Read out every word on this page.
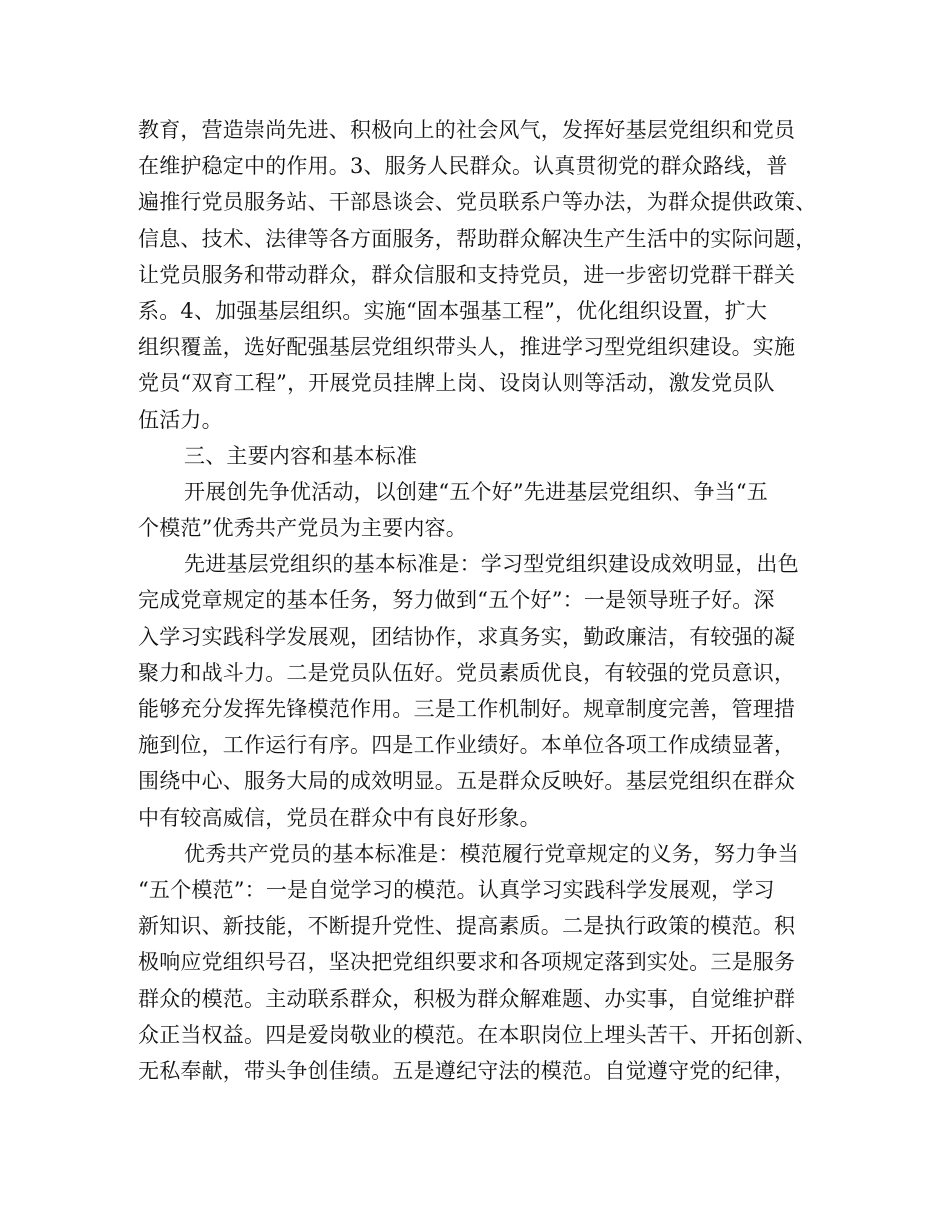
教育，营造崇尚先进、积极向上的社会风气，发挥好基层党组织和党员
在维护稳定中的作用。3、服务人民群众。认真贯彻党的群众路线，普
遍推行党员服务站、干部恳谈会、党员联系户等办法，为群众提供政策、
信息、技术、法律等各方面服务，帮助群众解决生产生活中的实际问题，
让党员服务和带动群众，群众信服和支持党员，进一步密切党群干群关
系。4、加强基层组织。实施“固本强基工程”，优化组织设置，扩大
组织覆盖，选好配强基层党组织带头人，推进学习型党组织建设。实施
党员“双育工程”，开展党员挂牌上岗、设岗认则等活动，激发党员队
伍活力。
三、主要内容和基本标准
开展创先争优活动，以创建“五个好”先进基层党组织、争当“五
个模范”优秀共产党员为主要内容。
先进基层党组织的基本标准是：学习型党组织建设成效明显，出色
完成党章规定的基本任务，努力做到“五个好”：一是领导班子好。深
入学习实践科学发展观，团结协作，求真务实，勤政廉洁，有较强的凝
聚力和战斗力。二是党员队伍好。党员素质优良，有较强的党员意识，
能够充分发挥先锋模范作用。三是工作机制好。规章制度完善，管理措
施到位，工作运行有序。四是工作业绩好。本单位各项工作成绩显著，
围绕中心、服务大局的成效明显。五是群众反映好。基层党组织在群众
中有较高威信，党员在群众中有良好形象。
优秀共产党员的基本标准是：模范履行党章规定的义务，努力争当
“五个模范”：一是自觉学习的模范。认真学习实践科学发展观，学习
新知识、新技能，不断提升党性、提高素质。二是执行政策的模范。积
极响应党组织号召，坚决把党组织要求和各项规定落到实处。三是服务
群众的模范。主动联系群众，积极为群众解难题、办实事，自觉维护群
众正当权益。四是爱岗敬业的模范。在本职岗位上埋头苦干、开拓创新、
无私奉献，带头争创佳绩。五是遵纪守法的模范。自觉遵守党的纪律，
